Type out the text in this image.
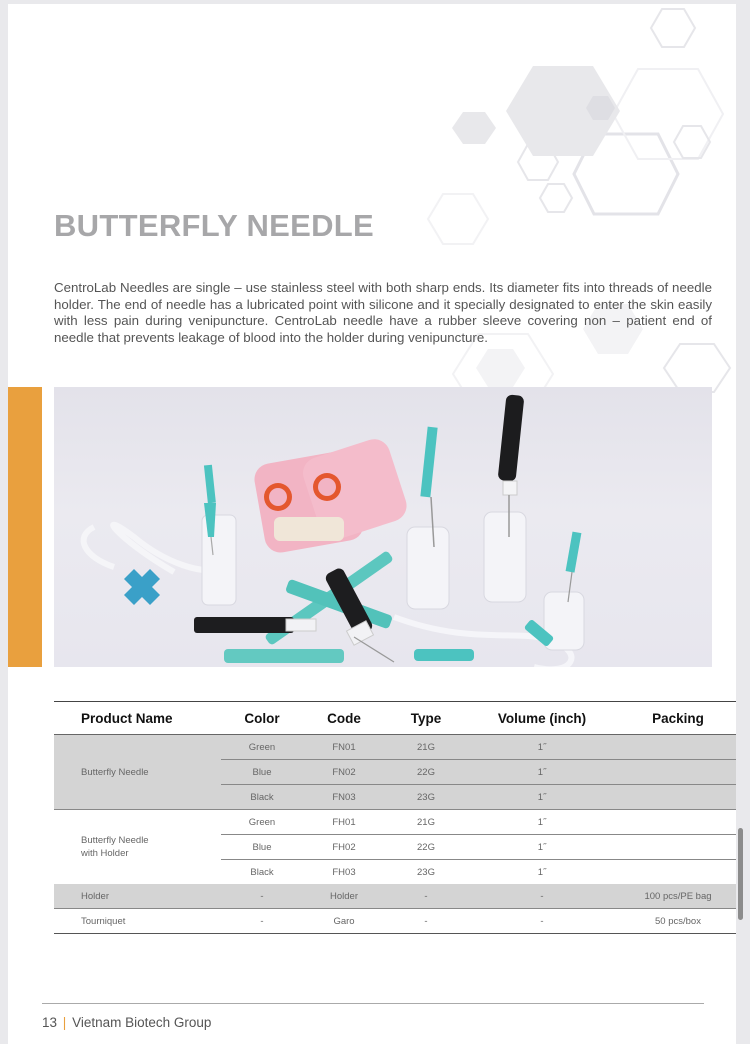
BUTTERFLY NEEDLE

CentroLab Needles are single – use stainless steel with both sharp ends. Its diameter fits into threads of needle holder. The end of needle has a lubricated point with silicone and it specially designated to enter the skin easily with less pain during venipuncture. CentroLab needle have a rubber sleeve covering non – patient end of needle that prevents leakage of blood into the holder during venipuncture.

Product Name	Color	Code	Type	Volume (inch)	Packing
Butterfly Needle	Green	FN01	21G	1˝	
	Blue	FN02	22G	1˝	
	Black	FN03	23G	1˝	
Butterfly Needle
with Holder	Green	FH01	21G	1˝	
	Blue	FH02	22G	1˝	
	Black	FH03	23G	1˝	
Holder	-	Holder	-	-	100 pcs/PE bag
Tourniquet	-	Garo	-	-	50 pcs/box
13 | Vietnam Biotech Group
